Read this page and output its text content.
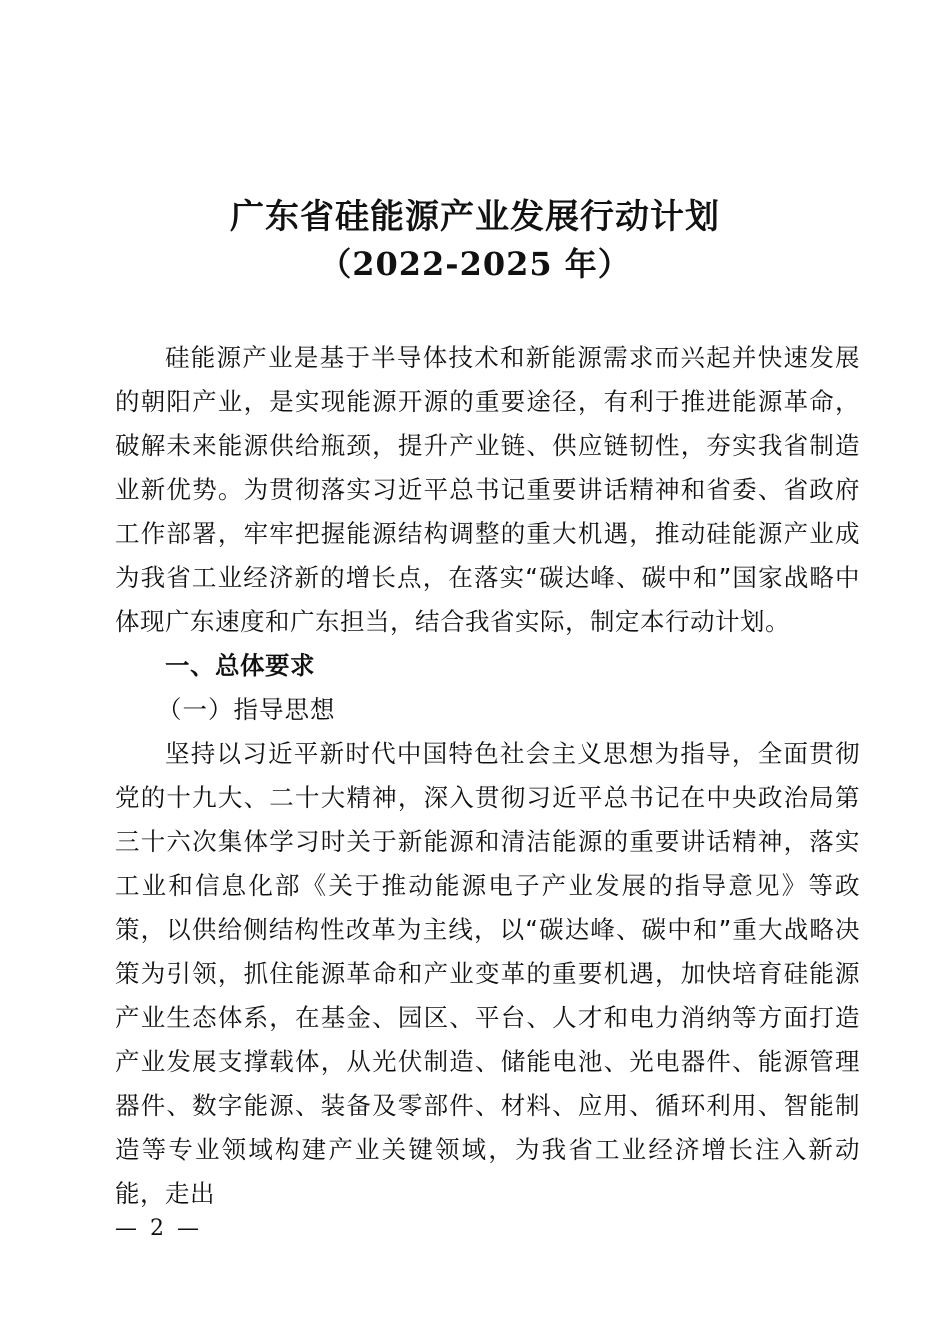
广东省硅能源产业发展行动计划
（2022-2025 年）

硅能源产业是基于半导体技术和新能源需求而兴起并快速发展的朝阳产业，是实现能源开源的重要途径，有利于推进能源革命，破解未来能源供给瓶颈，提升产业链、供应链韧性，夯实我省制造业新优势。为贯彻落实习近平总书记重要讲话精神和省委、省政府工作部署，牢牢把握能源结构调整的重大机遇，推动硅能源产业成为我省工业经济新的增长点，在落实“碳达峰、碳中和”国家战略中体现广东速度和广东担当，结合我省实际，制定本行动计划。

一、总体要求

（一）指导思想

坚持以习近平新时代中国特色社会主义思想为指导，全面贯彻党的十九大、二十大精神，深入贯彻习近平总书记在中央政治局第三十六次集体学习时关于新能源和清洁能源的重要讲话精神，落实工业和信息化部《关于推动能源电子产业发展的指导意见》等政策，以供给侧结构性改革为主线，以“碳达峰、碳中和”重大战略决策为引领，抓住能源革命和产业变革的重要机遇，加快培育硅能源产业生态体系，在基金、园区、平台、人才和电力消纳等方面打造产业发展支撑载体，从光伏制造、储能电池、光电器件、能源管理器件、数字能源、装备及零部件、材料、应用、循环利用、智能制造等专业领域构建产业关键领域，为我省工业经济增长注入新动能，走出

— 2 —
